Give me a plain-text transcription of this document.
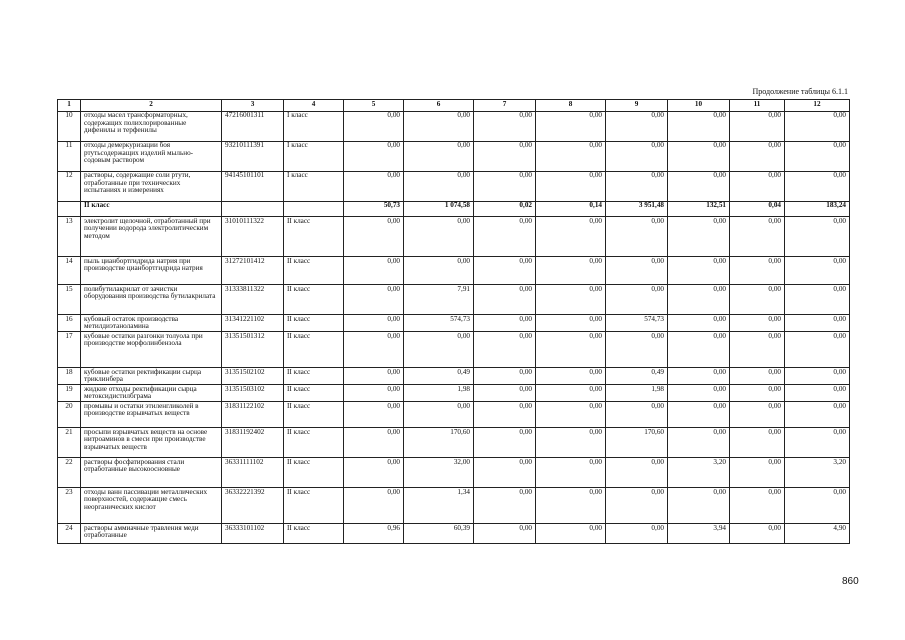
Продолжение таблицы 6.1.1
1	2	3	4	5	6	7	8	9	10	11	12
10	отходы масел трансформаторных, содержащих полихлорированные дифенилы и терфенилы	47216001311	I класс	0,00	0,00	0,00	0,00	0,00	0,00	0,00	0,00
11	отходы демеркуризации боя ртутьсодержащих изделий мыльно-содовым раствором	93210111391	I класс	0,00	0,00	0,00	0,00	0,00	0,00	0,00	0,00
12	растворы, содержащие соли ртути, отработанные при технических испытаниях и измерениях	94145101101	I класс	0,00	0,00	0,00	0,00	0,00	0,00	0,00	0,00
	II класс			50,73	1 074,58	0,02	0,14	3 951,48	132,51	0,04	183,24
13	электролит щелочной, отработанный при получении водорода электролитическим методом	31010111322	II класс	0,00	0,00	0,00	0,00	0,00	0,00	0,00	0,00
14	пыль цианбортгидрида натрия при производстве цианбортгидрида натрия	31272101412	II класс	0,00	0,00	0,00	0,00	0,00	0,00	0,00	0,00
15	полибутилакрилат от зачистки оборудования производства бутилакрилата	31333811322	II класс	0,00	7,91	0,00	0,00	0,00	0,00	0,00	0,00
16	кубовый остаток производства метилдиэтаноламина	31341221102	II класс	0,00	574,73	0,00	0,00	574,73	0,00	0,00	0,00
17	кубовые остатки разгонки толуола при производстве морфолинбензола	31351501312	II класс	0,00	0,00	0,00	0,00	0,00	0,00	0,00	0,00
18	кубовые остатки ректификации сырца триклинбера	31351502102	II класс	0,00	0,49	0,00	0,00	0,49	0,00	0,00	0,00
19	жидкие отходы ректификации сырца метоксидистилбграма	31351503102	II класс	0,00	1,98	0,00	0,00	1,98	0,00	0,00	0,00
20	промывы и остатки этиленгликолей в производстве взрывчатых веществ	31831122102	II класс	0,00	0,00	0,00	0,00	0,00	0,00	0,00	0,00
21	просыпи взрывчатых веществ на основе нитроаминов в смеси при производстве взрывчатых веществ	31831192402	II класс	0,00	170,60	0,00	0,00	170,60	0,00	0,00	0,00
22	растворы фосфатирования стали отработанные высокоосновные	36331111102	II класс	0,00	32,00	0,00	0,00	0,00	3,20	0,00	3,20
23	отходы ванн пассивации металлических поверхностей, содержащие смесь неорганических кислот	36332221392	II класс	0,00	1,34	0,00	0,00	0,00	0,00	0,00	0,00
24	растворы аммиачные травления меди отработанные	36333101102	II класс	0,96	60,39	0,00	0,00	0,00	3,94	0,00	4,90
860
